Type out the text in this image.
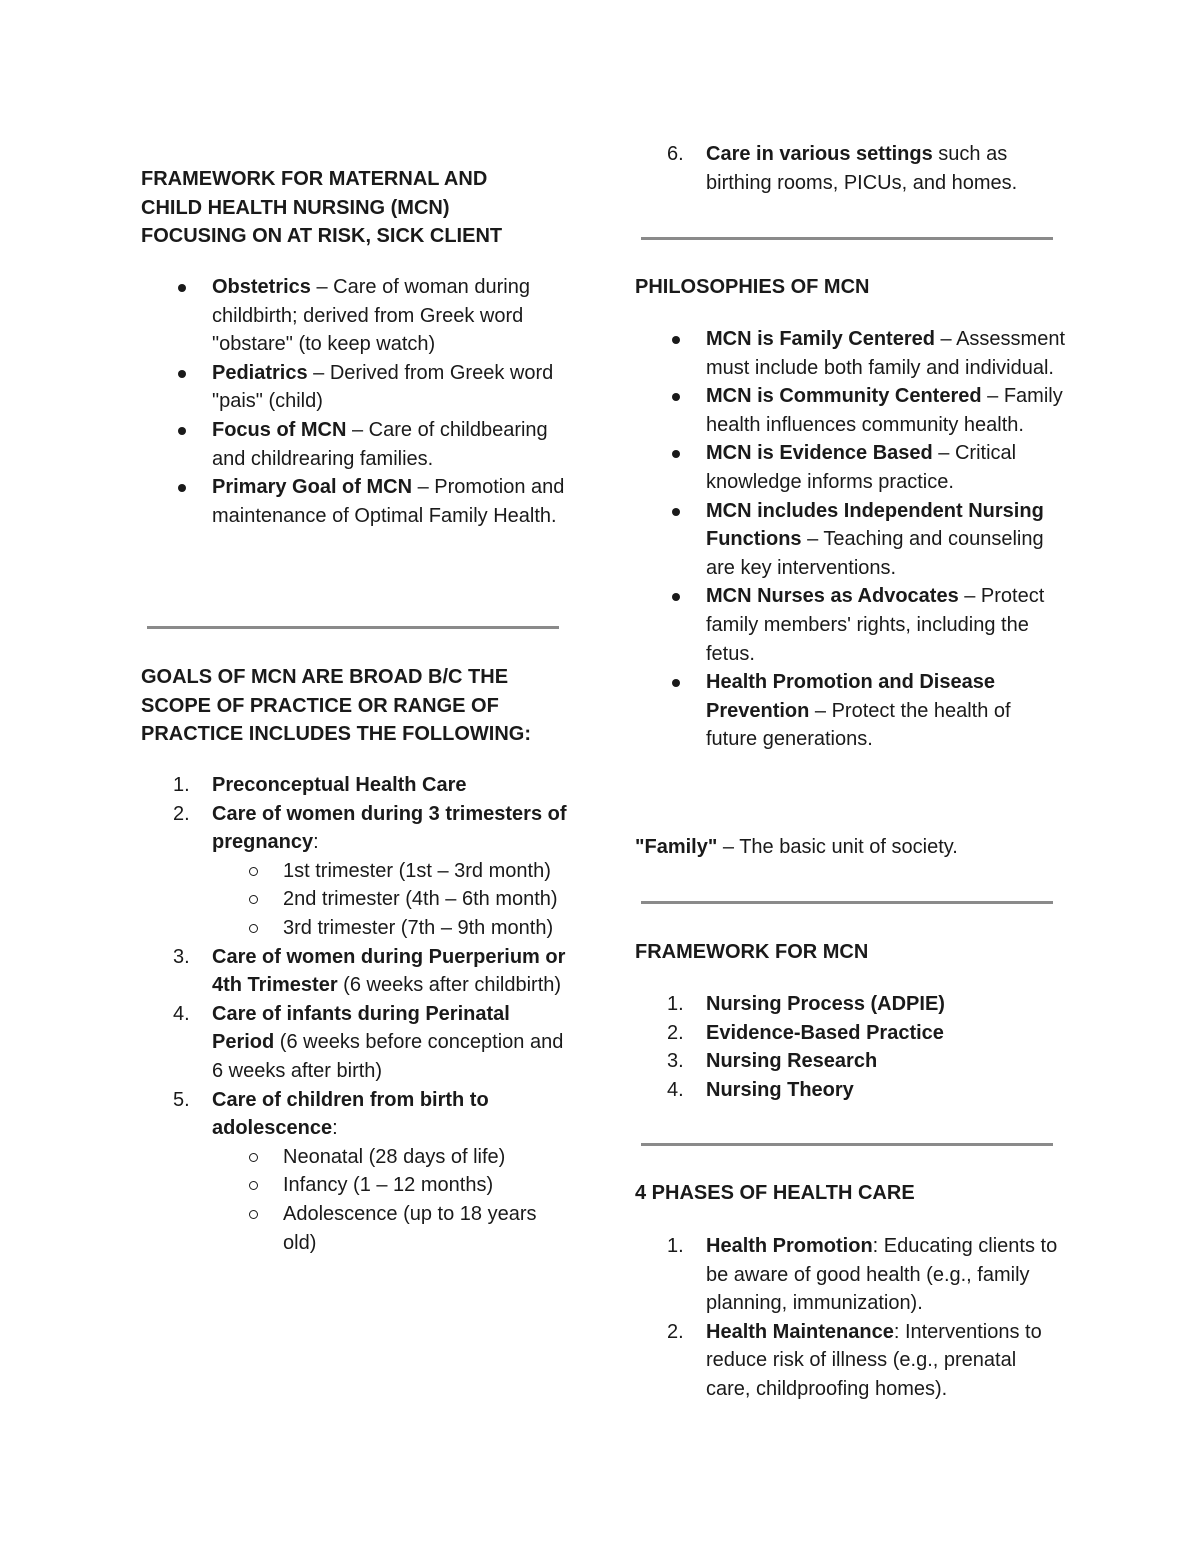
FRAMEWORK FOR MATERNAL AND
CHILD HEALTH NURSING (MCN)
FOCUSING ON AT RISK, SICK CLIENT
Obstetrics – Care of woman during childbirth; derived from Greek word "obstare" (to keep watch)
Pediatrics – Derived from Greek word "pais" (child)
Focus of MCN – Care of childbearing and childrearing families.
Primary Goal of MCN – Promotion and maintenance of Optimal Family Health.
GOALS OF MCN ARE BROAD B/C THE
SCOPE OF PRACTICE OR RANGE OF
PRACTICE INCLUDES THE FOLLOWING:
1. Preconceptual Health Care
2. Care of women during 3 trimesters of pregnancy:
1st trimester (1st – 3rd month)
2nd trimester (4th – 6th month)
3rd trimester (7th – 9th month)
3. Care of women during Puerperium or 4th Trimester (6 weeks after childbirth)
4. Care of infants during Perinatal Period (6 weeks before conception and 6 weeks after birth)
5. Care of children from birth to adolescence:
Neonatal (28 days of life)
Infancy (1 – 12 months)
Adolescence (up to 18 years old)
6. Care in various settings such as birthing rooms, PICUs, and homes.
PHILOSOPHIES OF MCN
MCN is Family Centered – Assessment must include both family and individual.
MCN is Community Centered – Family health influences community health.
MCN is Evidence Based – Critical knowledge informs practice.
MCN includes Independent Nursing Functions – Teaching and counseling are key interventions.
MCN Nurses as Advocates – Protect family members' rights, including the fetus.
Health Promotion and Disease Prevention – Protect the health of future generations.

"Family" – The basic unit of society.

FRAMEWORK FOR MCN
1. Nursing Process (ADPIE)
2. Evidence-Based Practice
3. Nursing Research
4. Nursing Theory
4 PHASES OF HEALTH CARE
1. Health Promotion: Educating clients to be aware of good health (e.g., family planning, immunization).
2. Health Maintenance: Interventions to reduce risk of illness (e.g., prenatal care, childproofing homes).
